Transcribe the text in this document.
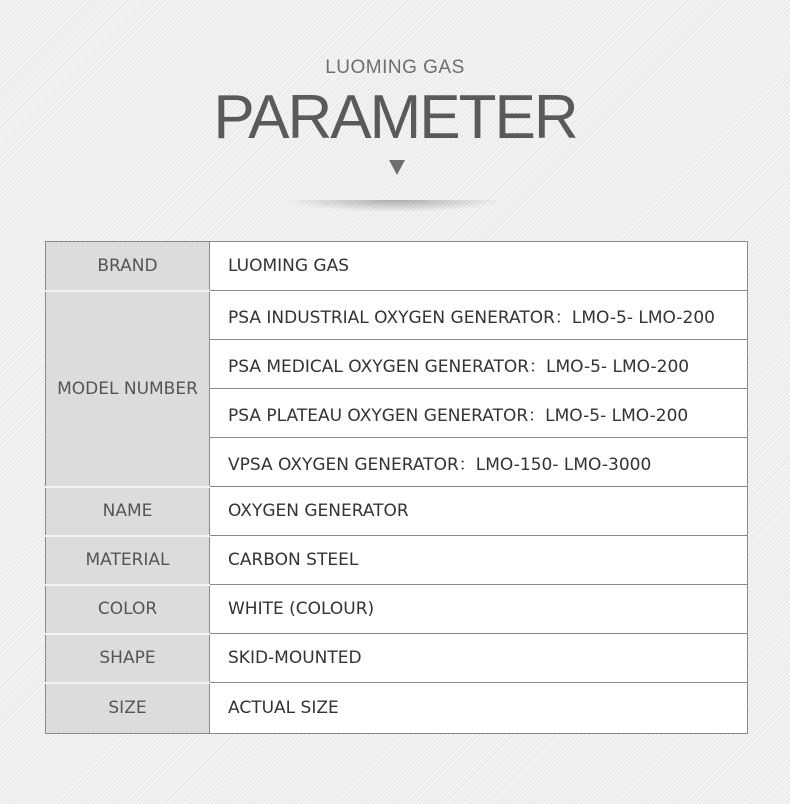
LUOMING GAS
PARAMETER
BRAND	LUOMING GAS
MODEL NUMBER	PSA INDUSTRIAL OXYGEN GENERATOR：LMO-5- LMO-200
	PSA MEDICAL OXYGEN GENERATOR：LMO-5- LMO-200
	PSA PLATEAU OXYGEN GENERATOR：LMO-5- LMO-200
	VPSA OXYGEN GENERATOR：LMO-150- LMO-3000
NAME	OXYGEN GENERATOR
MATERIAL	CARBON STEEL
COLOR	WHITE (COLOUR)
SHAPE	SKID-MOUNTED
SIZE	ACTUAL SIZE
